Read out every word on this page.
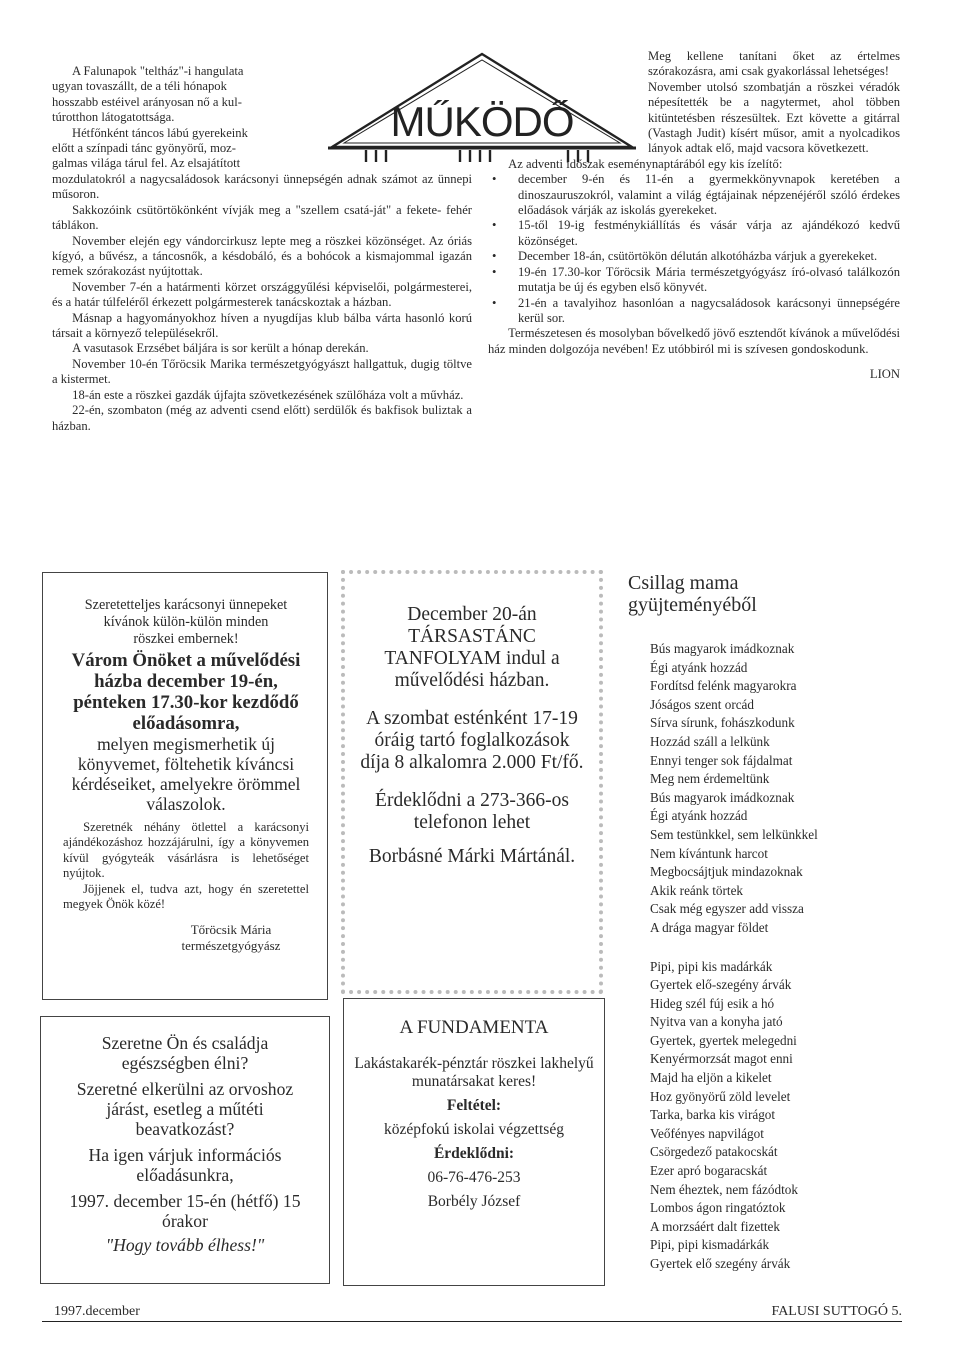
MŰKÖDŐ
A Falunapok "teltház"-i hangulata
ugyan tovaszállt, de a téli hónapok
hosszabb estéivel arányosan nő a kul-
túrotthon látogatottsága.
Hétfőnként táncos lábú gyerekeink
előtt a színpadi tánc gyönyörű, moz-
galmas világa tárul fel. Az elsajátított

mozdulatokról a nagycsaládosok karácsonyi ünnepségén adnak számot az ünnepi műsoron.

Sakkozóink csütörtökönként vívják meg a "szellem csatá-ját" a fekete- fehér táblákon.

November elején egy vándorcirkusz lepte meg a röszkei közönséget. Az óriás kígyó, a bűvész, a táncosnők, a késdobáló, és a bohócok a kismajommal igazán remek szórakozást nyújtottak.

November 7-én a határmenti körzet országgyűlési képviselői, polgármesterei, és a határ túlfeléről érkezett polgármesterek tanácskoztak a házban.

Másnap a hagyományokhoz híven a nyugdíjas klub bálba várta hasonló korú társait a környező településekről.

A vasutasok Erzsébet báljára is sor került a hónap derekán.

November 10-én Tőröcsik Marika természetgyógyászt hallgattuk, dugig töltve a kistermet.

18-án este a röszkei gazdák újfajta szövetkezésének szülőháza volt a művház.

22-én, szombaton (még az adventi csend előtt) serdülők és bakfisok buliztak a házban.

Meg kellene tanítani őket az értelmes szórakozásra, ami csak gyakorlással lehetséges!

November utolsó szombatján a röszkei véradók népesítették be a nagytermet, ahol többen kitüntetésben részesültek. Ezt követte a gitárral (Vastagh Judit) kísért műsor, amit a nyolcadikos lányok adtak elő, majd vacsora következett.

Az adventi időszak eseménynaptárából egy kis ízelítő:

•	december 9-én és 11-én a gyermekkönyvnapok keretében a dinoszauruszokról, valamint a világ égtájainak népzenéjéről szóló érdekes előadások várják az iskolás gyerekeket.
•	15-től 19-ig festménykiállítás és vásár várja az ajándékozó kedvű közönséget.
•	December 18-án, csütörtökön délután alkotóházba várjuk a gyerekeket.
•	19-én 17.30-kor Tőröcsik Mária természetgyógyász író-olvasó találkozón mutatja be új és egyben első könyvét.
•	21-én a tavalyihoz hasonlóan a nagycsaládosok karácsonyi ünnepségére kerül sor.

Természetesen és mosolyban bővelkedő jövő esztendőt kívánok a művelődési ház minden dolgozója nevében! Ez utóbbiról mi is szívesen gondoskodunk.

LION

Szeretetteljes karácsonyi ünnepeket kívánok külön-külön minden röszkei embernek!
Várom Önöket a művelődési házba december 19-én, pénteken 17.30-kor kezdődő előadásomra,
melyen megismerhetik új könyvemet, föltehetik kíváncsi kérdéseiket, amelyekre örömmel válaszolok.

Szeretnék néhány ötlettel a karácsonyi ajándékozáshoz hozzájárulni, így a könyvemen kívül gyógyteák vásárlásra is lehetőséget nyújtok.

Jöjjenek el, tudva azt, hogy én szeretettel megyek Önök közé!

Tőröcsik Mária
természetgyógyász
Szeretne Ön és családja egészségben élni?
Szeretné elkerülni az orvoshoz járást, esetleg a műtéti beavatkozást?
Ha igen várjuk információs előadásunkra,
1997. december 15-én (hétfő) 15 órakor
"Hogy tovább élhess!"
December 20-án TÁRSASTÁNC TANFOLYAM indul a művelődési házban.
A szombat esténként 17-19 óráig tartó foglalkozások díja 8 alkalomra 2.000 Ft/fő.
Érdeklődni a 273-366-os telefonon lehet
Borbásné Márki Mártánál.
A FUNDAMENTA
Lakástakarék-pénztár röszkei lakhelyű munatársakat keres!
Feltétel:
középfokú iskolai végzettség
Érdeklődni:
06-76-476-253
Borbély József
Csillag mama
gyüjteményéből

Bús magyarok imádkoznak

Égi atyánk hozzád

Fordítsd felénk magyarokra

Jóságos szent orcád

Sírva sírunk, fohászkodunk

Hozzád száll a lelkünk

Ennyi tenger sok fájdalmat

Meg nem érdemeltünk

Bús magyarok imádkoznak

Égi atyánk hozzád

Sem testünkkel, sem lelkünkkel

Nem kívántunk harcot

Megbocsájtjuk mindazoknak

Akik reánk törtek

Csak még egyszer add vissza

A drága magyar földet

Pipi, pipi kis madárkák

Gyertek elő-szegény árvák

Hideg szél fúj esik a hó

Nyitva van a konyha jató

Gyertek, gyertek melegedni

Kenyérmorzsát magot enni

Majd ha eljön a kikelet

Hoz gyönyörű zöld levelet

Tarka, barka kis virágot

Veőfényes napvilágot

Csörgedező patakocskát

Ezer apró bogaracskát

Nem éheztek, nem fázódtok

Lombos ágon ringatóztok

A morzsáért dalt fizettek

Pipi, pipi kismadárkák

Gyertek elő szegény árvák

1997.december	FALUSI SUTTOGÓ 5.
